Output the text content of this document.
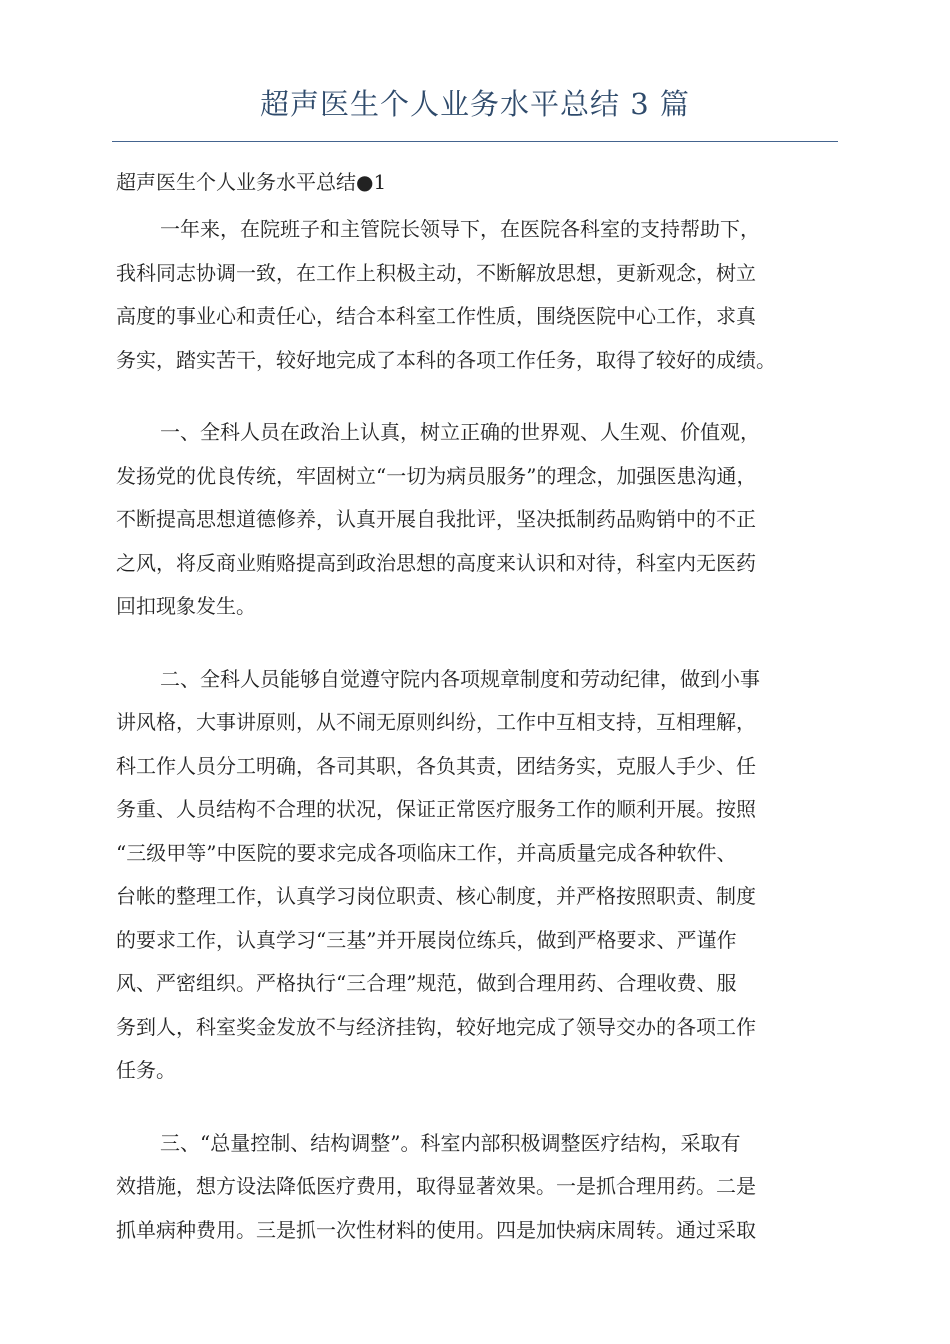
超声医生个人业务水平总结 3 篇
超声医生个人业务水平总结●1
一年来，在院班子和主管院长领导下，在医院各科室的支持帮助下，
我科同志协调一致，在工作上积极主动，不断解放思想，更新观念，树立
高度的事业心和责任心，结合本科室工作性质，围绕医院中心工作，求真
务实，踏实苦干，较好地完成了本科的各项工作任务，取得了较好的成绩。
一、全科人员在政治上认真，树立正确的世界观、人生观、价值观，
发扬党的优良传统，牢固树立“一切为病员服务”的理念，加强医患沟通，
不断提高思想道德修养，认真开展自我批评，坚决抵制药品购销中的不正
之风，将反商业贿赂提高到政治思想的高度来认识和对待，科室内无医药
回扣现象发生。
二、全科人员能够自觉遵守院内各项规章制度和劳动纪律，做到小事
讲风格，大事讲原则，从不闹无原则纠纷，工作中互相支持，互相理解，
科工作人员分工明确，各司其职，各负其责，团结务实，克服人手少、任
务重、人员结构不合理的状况，保证正常医疗服务工作的顺利开展。按照
“三级甲等”中医院的要求完成各项临床工作，并高质量完成各种软件、
台帐的整理工作，认真学习岗位职责、核心制度，并严格按照职责、制度
的要求工作，认真学习“三基”并开展岗位练兵，做到严格要求、严谨作
风、严密组织。严格执行“三合理”规范，做到合理用药、合理收费、服
务到人，科室奖金发放不与经济挂钩，较好地完成了领导交办的各项工作
任务。
三、“总量控制、结构调整”。科室内部积极调整医疗结构，采取有
效措施，想方设法降低医疗费用，取得显著效果。一是抓合理用药。二是
抓单病种费用。三是抓一次性材料的使用。四是加快病床周转。通过采取
